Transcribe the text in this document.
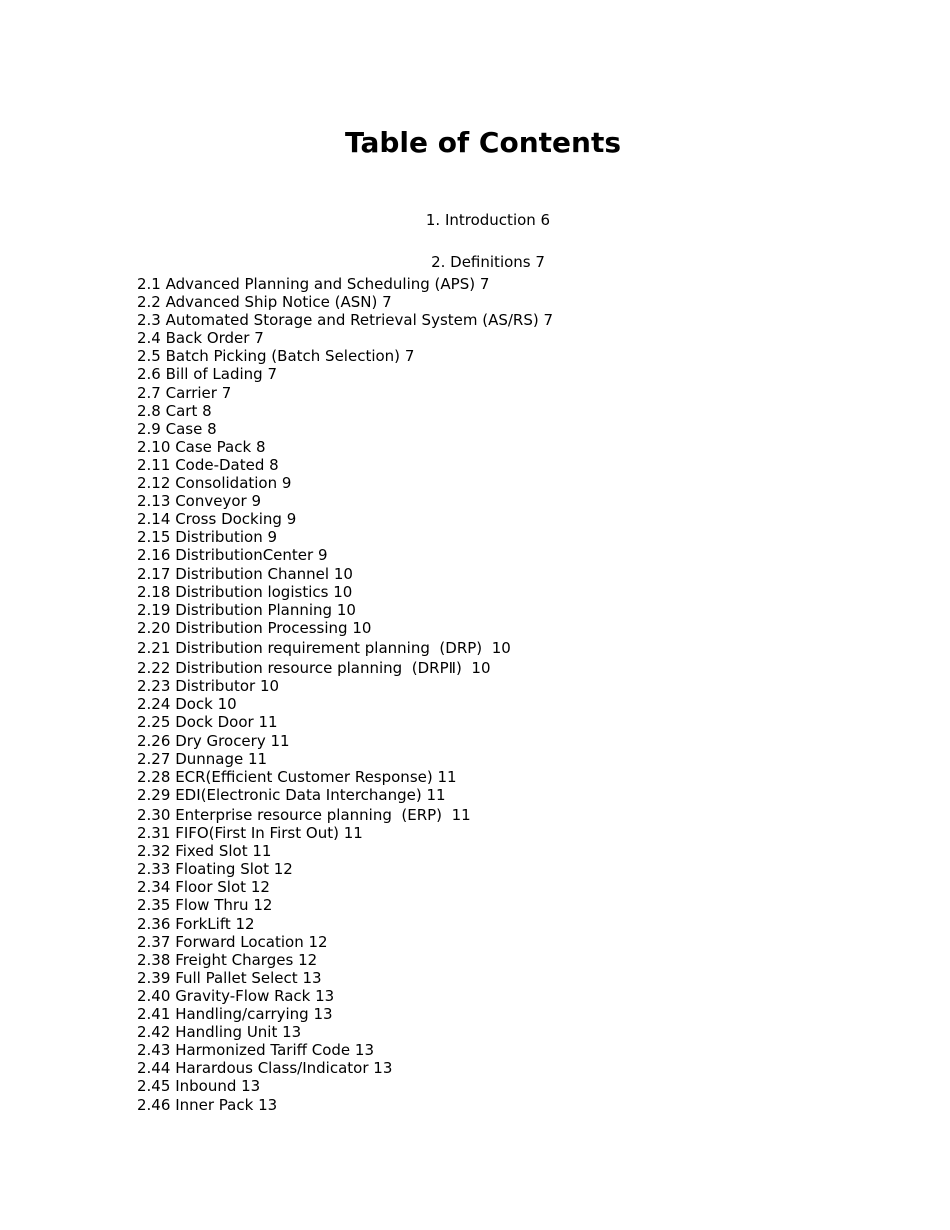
Table of Contents
1. Introduction 6
2. Definitions 7
2.1 Advanced Planning and Scheduling (APS) 7
2.2 Advanced Ship Notice (ASN) 7
2.3 Automated Storage and Retrieval System (AS/RS) 7
2.4 Back Order 7
2.5 Batch Picking (Batch Selection) 7
2.6 Bill of Lading 7
2.7 Carrier 7
2.8 Cart 8
2.9 Case 8
2.10 Case Pack 8
2.11 Code-Dated 8
2.12 Consolidation 9
2.13 Conveyor 9
2.14 Cross Docking 9
2.15 Distribution 9
2.16 DistributionCenter 9
2.17 Distribution Channel 10
2.18 Distribution logistics 10
2.19 Distribution Planning 10
2.20 Distribution Processing 10
2.21 Distribution requirement planning  (DRP)  10
2.22 Distribution resource planning  (DRPⅡ)  10
2.23 Distributor 10
2.24 Dock 10
2.25 Dock Door 11
2.26 Dry Grocery 11
2.27 Dunnage 11
2.28 ECR(Efficient Customer Response) 11
2.29 EDI(Electronic Data Interchange) 11
2.30 Enterprise resource planning  (ERP)  11
2.31 FIFO(First In First Out) 11
2.32 Fixed Slot 11
2.33 Floating Slot 12
2.34 Floor Slot 12
2.35 Flow Thru 12
2.36 ForkLift 12
2.37 Forward Location 12
2.38 Freight Charges 12
2.39 Full Pallet Select 13
2.40 Gravity-Flow Rack 13
2.41 Handling/carrying 13
2.42 Handling Unit 13
2.43 Harmonized Tariff Code 13
2.44 Harardous Class/Indicator 13
2.45 Inbound 13
2.46 Inner Pack 13
